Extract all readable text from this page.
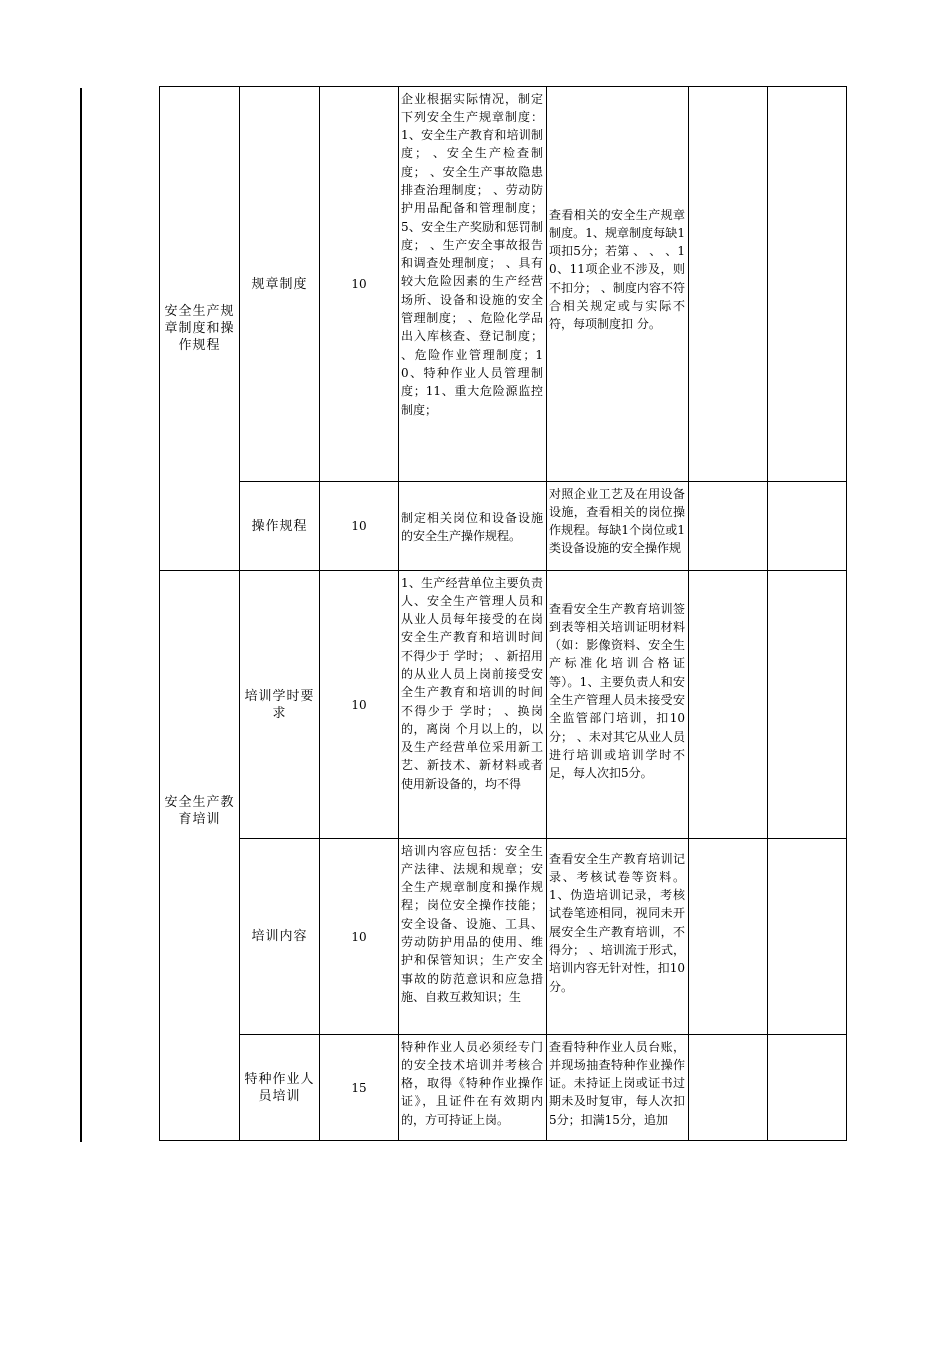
安全生产规章制度和操作规程	规章制度	10	企业根据实际情况，制定下列安全生产规章制度：1、安全生产教育和培训制度； 、安全生产检查制度； 、安全生产事故隐患排查治理制度； 、劳动防护用品配备和管理制度；5、安全生产奖励和惩罚制度； 、生产安全事故报告和调查处理制度； 、具有较大危险因素的生产经营场所、设备和设施的安全管理制度； 、危险化学品出入库核查、登记制度； 、危险作业管理制度；10、特种作业人员管理制度；11、重大危险源监控制度；	查看相关的安全生产规章制度。1、规章制度每缺1项扣5分；若第 、 、 、10、11项企业不涉及，则不扣分； 、制度内容不符合相关规定或与实际不符，每项制度扣 分。		

	操作规程	10	制定相关岗位和设备设施的安全生产操作规程。	对照企业工艺及在用设备设施，查看相关的岗位操作规程。每缺1个岗位或1类设备设施的安全操作规		

安全生产教育培训	培训学时要求	10	1、生产经营单位主要负责人、安全生产管理人员和从业人员每年接受的在岗安全生产教育和培训时间不得少于 学时； 、新招用的从业人员上岗前接受安全生产教育和培训的时间不得少于 学时； 、换岗的，离岗 个月以上的，以及生产经营单位采用新工艺、新技术、新材料或者使用新设备的，均不得	查看安全生产教育培训签到表等相关培训证明材料（如：影像资料、安全生产标准化培训合格证等）。1、主要负责人和安全生产管理人员未接受安全监管部门培训，扣10分； 、未对其它从业人员进行培训或培训学时不足，每人次扣5分。		

	培训内容	10	培训内容应包括：安全生产法律、法规和规章；安全生产规章制度和操作规程；岗位安全操作技能；安全设备、设施、工具、劳动防护用品的使用、维护和保管知识；生产安全事故的防范意识和应急措施、自救互救知识；生	查看安全生产教育培训记录、考核试卷等资料。1、伪造培训记录，考核试卷笔迹相同，视同未开展安全生产教育培训，不得分； 、培训流于形式，培训内容无针对性，扣10分。		

	特种作业人员培训	15	特种作业人员必须经专门的安全技术培训并考核合格，取得《特种作业操作证》，且证件在有效期内的，方可持证上岗。	查看特种作业人员台账，并现场抽查特种作业操作证。未持证上岗或证书过期未及时复审，每人次扣5分；扣满15分，追加		
